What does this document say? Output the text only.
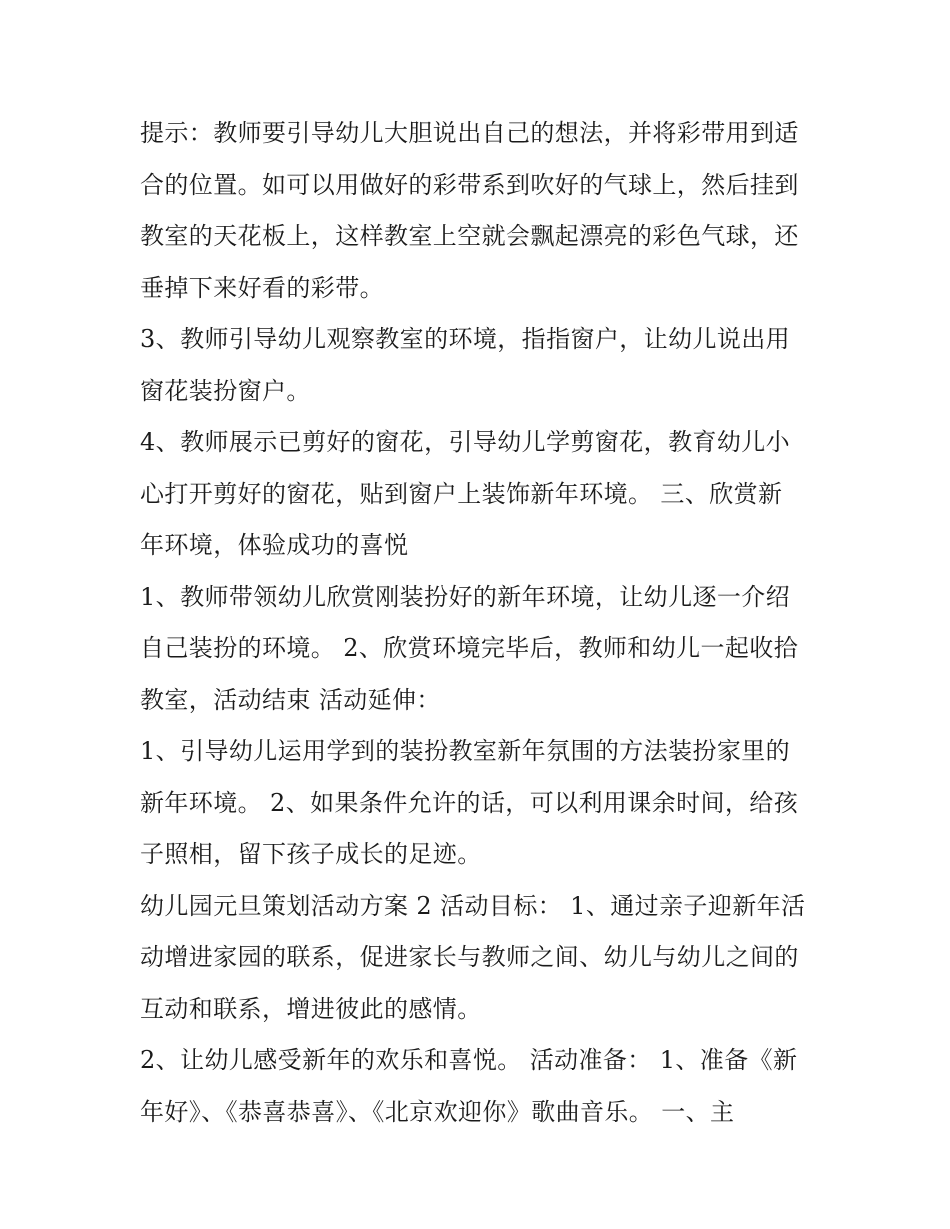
提示：教师要引导幼儿大胆说出自己的想法，并将彩带用到适
合的位置。如可以用做好的彩带系到吹好的气球上，然后挂到
教室的天花板上，这样教室上空就会飘起漂亮的彩色气球，还
垂掉下来好看的彩带。
3、教师引导幼儿观察教室的环境，指指窗户，让幼儿说出用
窗花装扮窗户。
4、教师展示已剪好的窗花，引导幼儿学剪窗花，教育幼儿小
心打开剪好的窗花，贴到窗户上装饰新年环境。 三、欣赏新
年环境，体验成功的喜悦
1、教师带领幼儿欣赏刚装扮好的新年环境，让幼儿逐一介绍
自己装扮的环境。 2、欣赏环境完毕后，教师和幼儿一起收拾
教室，活动结束 活动延伸：
1、引导幼儿运用学到的装扮教室新年氛围的方法装扮家里的
新年环境。 2、如果条件允许的话，可以利用课余时间，给孩
子照相，留下孩子成长的足迹。
幼儿园元旦策划活动方案 2 活动目标： 1、通过亲子迎新年活
动增进家园的联系，促进家长与教师之间、幼儿与幼儿之间的
互动和联系，增进彼此的感情。
2、让幼儿感受新年的欢乐和喜悦。 活动准备： 1、准备《新
年好》、《恭喜恭喜》、《北京欢迎你》歌曲音乐。 一、主
